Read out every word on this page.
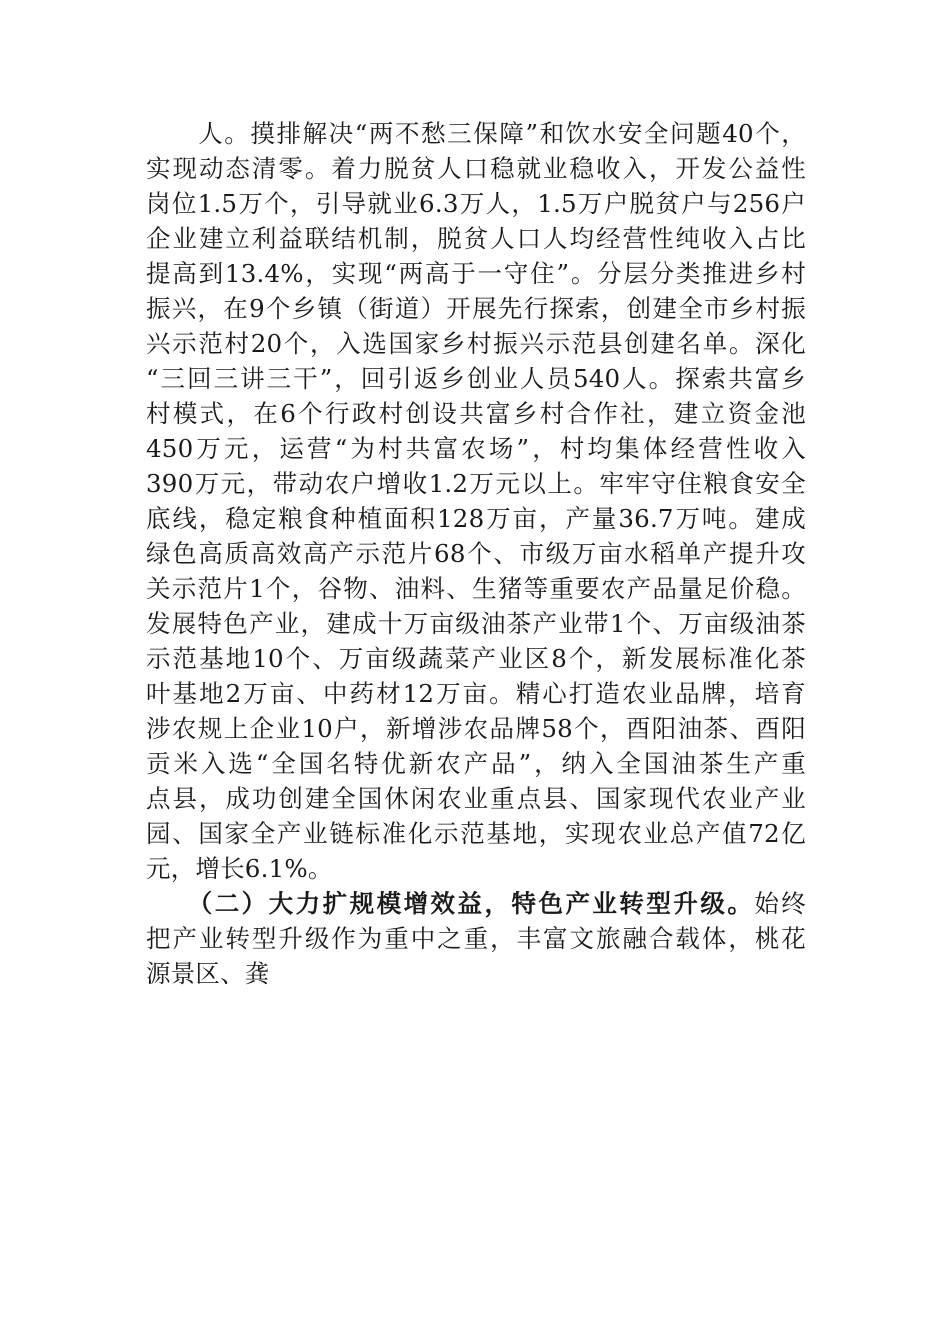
　　人。摸排解决“两不愁三保障”和饮水安全问题40个，
实现动态清零。着力脱贫人口稳就业稳收入，开发公益性
岗位1.5万个，引导就业6.3万人，1.5万户脱贫户与256户
企业建立利益联结机制，脱贫人口人均经营性纯收入占比
提高到13.4%，实现“两高于一守住”。分层分类推进乡村
振兴，在9个乡镇（街道）开展先行探索，创建全市乡村振
兴示范村20个，入选国家乡村振兴示范县创建名单。深化
“三回三讲三干”，回引返乡创业人员540人。探索共富乡
村模式，在6个行政村创设共富乡村合作社，建立资金池
450万元，运营“为村共富农场”，村均集体经营性收入
390万元，带动农户增收1.2万元以上。牢牢守住粮食安全
底线，稳定粮食种植面积128万亩，产量36.7万吨。建成
绿色高质高效高产示范片68个、市级万亩水稻单产提升攻
关示范片1个，谷物、油料、生猪等重要农产品量足价稳。
发展特色产业，建成十万亩级油茶产业带1个、万亩级油茶
示范基地10个、万亩级蔬菜产业区8个，新发展标准化茶
叶基地2万亩、中药材12万亩。精心打造农业品牌，培育
涉农规上企业10户，新增涉农品牌58个，酉阳油茶、酉阳
贡米入选“全国名特优新农产品”，纳入全国油茶生产重
点县，成功创建全国休闲农业重点县、国家现代农业产业
园、国家全产业链标准化示范基地，实现农业总产值72亿
元，增长6.1%。
　　（二）大力扩规模增效益，特色产业转型升级。始终
把产业转型升级作为重中之重，丰富文旅融合载体，桃花
源景区、龚
